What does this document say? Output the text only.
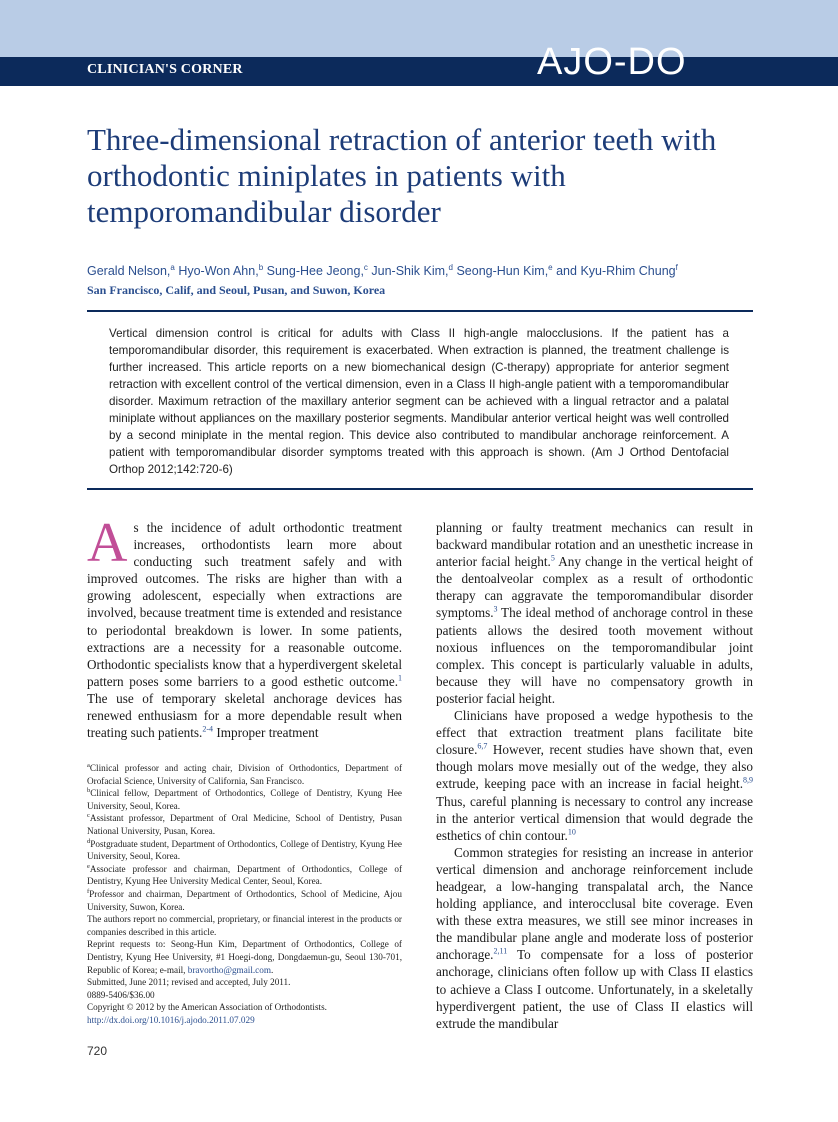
CLINICIAN'S CORNER	AJO-DO
Three-dimensional retraction of anterior teeth with orthodontic miniplates in patients with temporomandibular disorder
Gerald Nelson,$^a$ Hyo-Won Ahn,$^b$ Sung-Hee Jeong,$^c$ Jun-Shik Kim,$^d$ Seong-Hun Kim,$^e$ and Kyu-Rhim Chung$^f$
San Francisco, Calif, and Seoul, Pusan, and Suwon, Korea
Vertical dimension control is critical for adults with Class II high-angle malocclusions. If the patient has a temporomandibular disorder, this requirement is exacerbated. When extraction is planned, the treatment challenge is further increased. This article reports on a new biomechanical design (C-therapy) appropriate for anterior segment retraction with excellent control of the vertical dimension, even in a Class II high-angle patient with a temporomandibular disorder. Maximum retraction of the maxillary anterior segment can be achieved with a lingual retractor and a palatal miniplate without appliances on the maxillary posterior segments. Mandibular anterior vertical height was well controlled by a second miniplate in the mental region. This device also contributed to mandibular anchorage reinforcement. A patient with temporomandibular disorder symptoms treated with this approach is shown. (Am J Orthod Dentofacial Orthop 2012;142:720-6)

As the incidence of adult orthodontic treatment increases, orthodontists learn more about conducting such treatment safely and with improved outcomes. The risks are higher than with a growing adolescent, especially when extractions are involved, because treatment time is extended and resistance to periodontal breakdown is lower. In some patients, extractions are a necessity for a reasonable outcome. Orthodontic specialists know that a hyperdivergent skeletal pattern poses some barriers to a good esthetic outcome.$^1$ The use of temporary skeletal anchorage devices has renewed enthusiasm for a more dependable result when treating such patients.$^{2-4}$ Improper treatment

$^a$Clinical professor and acting chair, Division of Orthodontics, Department of Orofacial Science, University of California, San Francisco.

$^b$Clinical fellow, Department of Orthodontics, College of Dentistry, Kyung Hee University, Seoul, Korea.

$^c$Assistant professor, Department of Oral Medicine, School of Dentistry, Pusan National University, Pusan, Korea.

$^d$Postgraduate student, Department of Orthodontics, College of Dentistry, Kyung Hee University, Seoul, Korea.

$^e$Associate professor and chairman, Department of Orthodontics, College of Dentistry, Kyung Hee University Medical Center, Seoul, Korea.

$^f$Professor and chairman, Department of Orthodontics, School of Medicine, Ajou University, Suwon, Korea.

The authors report no commercial, proprietary, or financial interest in the products or companies described in this article.

Reprint requests to: Seong-Hun Kim, Department of Orthodontics, College of Dentistry, Kyung Hee University, #1 Hoegi-dong, Dongdaemun-gu, Seoul 130-701, Republic of Korea; e-mail, bravortho@gmail.com.

Submitted, June 2011; revised and accepted, July 2011.

0889-5406/$36.00

Copyright © 2012 by the American Association of Orthodontists.

http://dx.doi.org/10.1016/j.ajodo.2011.07.029

planning or faulty treatment mechanics can result in backward mandibular rotation and an unesthetic increase in anterior facial height.$^5$ Any change in the vertical height of the dentoalveolar complex as a result of orthodontic therapy can aggravate the temporomandibular disorder symptoms.$^3$ The ideal method of anchorage control in these patients allows the desired tooth movement without noxious influences on the temporomandibular joint complex. This concept is particularly valuable in adults, because they will have no compensatory growth in posterior facial height.

Clinicians have proposed a wedge hypothesis to the effect that extraction treatment plans facilitate bite closure.$^{6,7}$ However, recent studies have shown that, even though molars move mesially out of the wedge, they also extrude, keeping pace with an increase in facial height.$^{8,9}$ Thus, careful planning is necessary to control any increase in the anterior vertical dimension that would degrade the esthetics of chin contour.$^{10}$

Common strategies for resisting an increase in anterior vertical dimension and anchorage reinforcement include headgear, a low-hanging transpalatal arch, the Nance holding appliance, and interocclusal bite coverage. Even with these extra measures, we still see minor increases in the mandibular plane angle and moderate loss of posterior anchorage.$^{2,11}$ To compensate for a loss of posterior anchorage, clinicians often follow up with Class II elastics to achieve a Class I outcome. Unfortunately, in a skeletally hyperdivergent patient, the use of Class II elastics will extrude the mandibular

720
